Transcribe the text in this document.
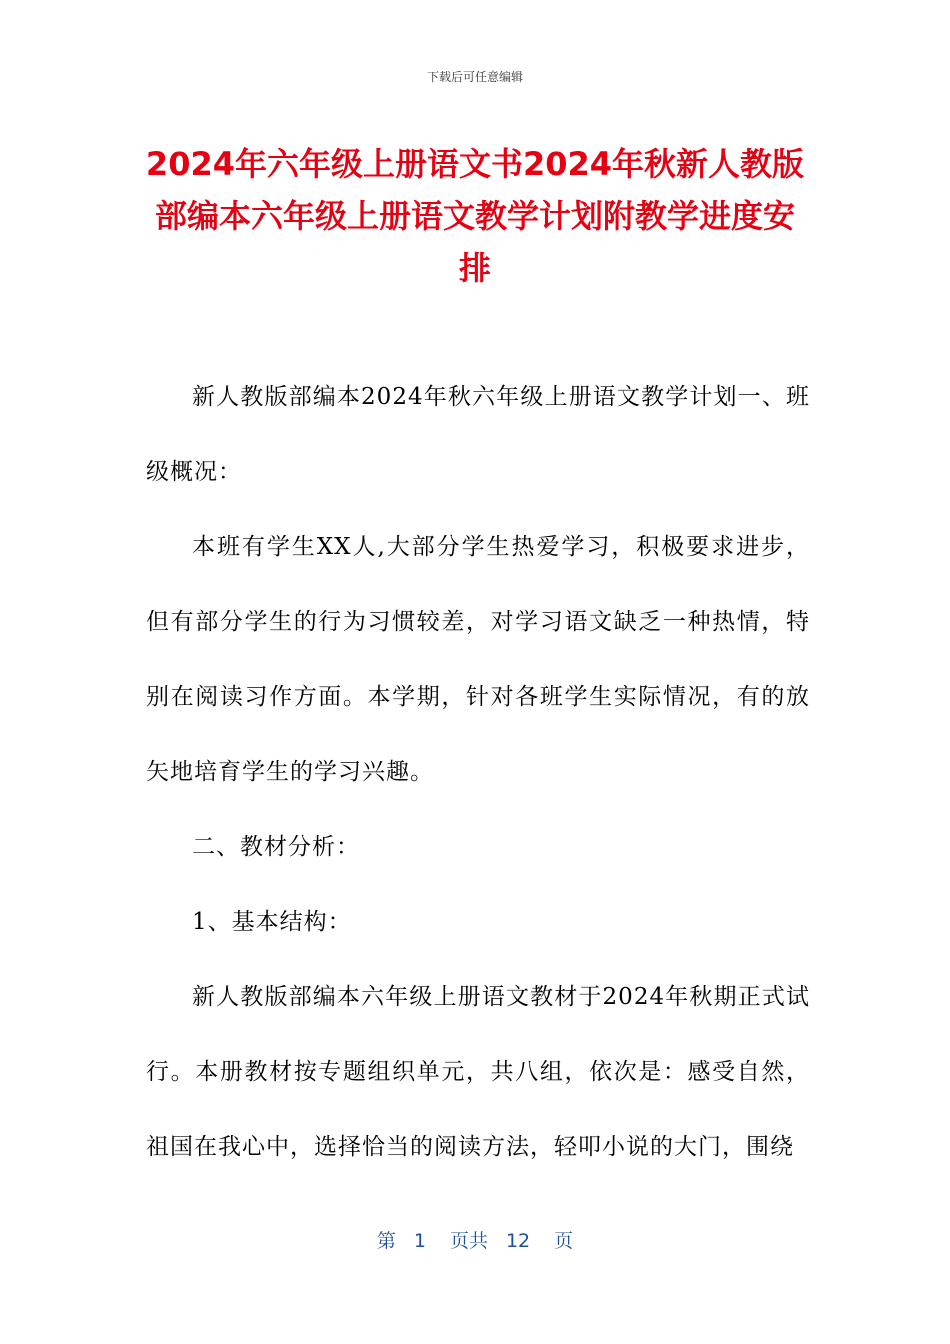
下载后可任意编辑
2024年六年级上册语文书2024年秋新人教版部编本六年级上册语文教学计划附教学进度安排

新人教版部编本2024年秋六年级上册语文教学计划一、班级概况：

本班有学生XX人,大部分学生热爱学习，积极要求进步，但有部分学生的行为习惯较差，对学习语文缺乏一种热情，特别在阅读习作方面。本学期，针对各班学生实际情况，有的放矢地培育学生的学习兴趣。

二、教材分析：

1、基本结构：

新人教版部编本六年级上册语文教材于2024年秋期正式试行。本册教材按专题组织单元，共八组，依次是：感受自然，祖国在我心中，选择恰当的阅读方法，轻叩小说的大门，围绕

第 1 页共 12 页
